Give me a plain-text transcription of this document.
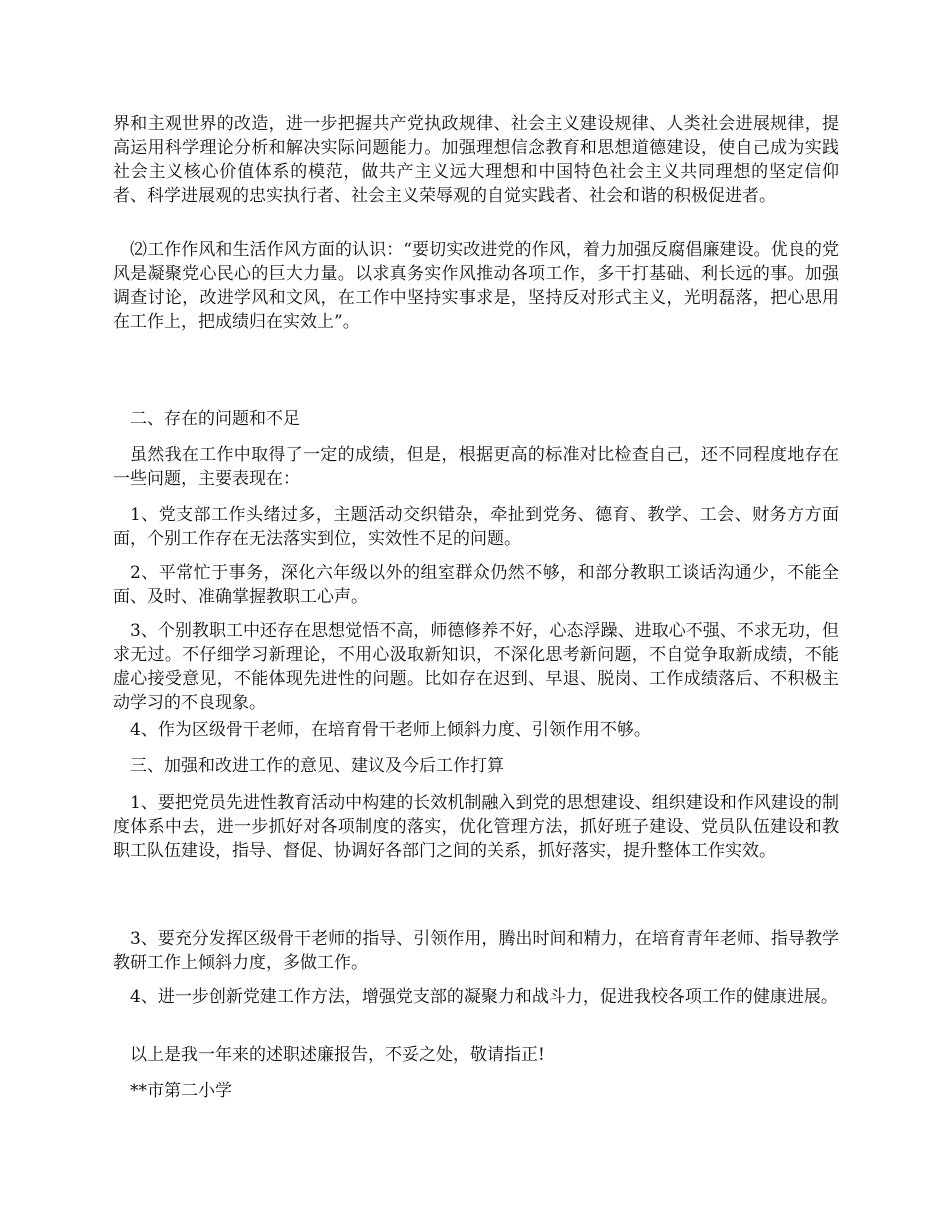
界和主观世界的改造，进一步把握共产党执政规律、社会主义建设规律、人类社会进展规律，提高运用科学理论分析和解决实际问题能力。加强理想信念教育和思想道德建设，使自己成为实践社会主义核心价值体系的模范，做共产主义远大理想和中国特色社会主义共同理想的坚定信仰者、科学进展观的忠实执行者、社会主义荣辱观的自觉实践者、社会和谐的积极促进者。

⑵工作作风和生活作风方面的认识：“要切实改进党的作风，着力加强反腐倡廉建设。优良的党风是凝聚党心民心的巨大力量。以求真务实作风推动各项工作，多干打基础、利长远的事。加强调查讨论，改进学风和文风，在工作中坚持实事求是，坚持反对形式主义，光明磊落，把心思用在工作上，把成绩归在实效上”。

二、存在的问题和不足

虽然我在工作中取得了一定的成绩，但是，根据更高的标准对比检查自己，还不同程度地存在一些问题，主要表现在：

1、党支部工作头绪过多，主题活动交织错杂，牵扯到党务、德育、教学、工会、财务方方面面，个别工作存在无法落实到位，实效性不足的问题。

2、平常忙于事务，深化六年级以外的组室群众仍然不够，和部分教职工谈话沟通少，不能全面、及时、准确掌握教职工心声。

3、个别教职工中还存在思想觉悟不高，师德修养不好，心态浮躁、进取心不强、不求无功，但求无过。不仔细学习新理论，不用心汲取新知识，不深化思考新问题，不自觉争取新成绩，不能虚心接受意见，不能体现先进性的问题。比如存在迟到、早退、脱岗、工作成绩落后、不积极主动学习的不良现象。

4、作为区级骨干老师，在培育骨干老师上倾斜力度、引领作用不够。

三、加强和改进工作的意见、建议及今后工作打算

1、要把党员先进性教育活动中构建的长效机制融入到党的思想建设、组织建设和作风建设的制度体系中去，进一步抓好对各项制度的落实，优化管理方法，抓好班子建设、党员队伍建设和教职工队伍建设，指导、督促、协调好各部门之间的关系，抓好落实，提升整体工作实效。

3、要充分发挥区级骨干老师的指导、引领作用，腾出时间和精力，在培育青年老师、指导教学教研工作上倾斜力度，多做工作。

4、进一步创新党建工作方法，增强党支部的凝聚力和战斗力，促进我校各项工作的健康进展。

以上是我一年来的述职述廉报告，不妥之处，敬请指正!

**市第二小学
